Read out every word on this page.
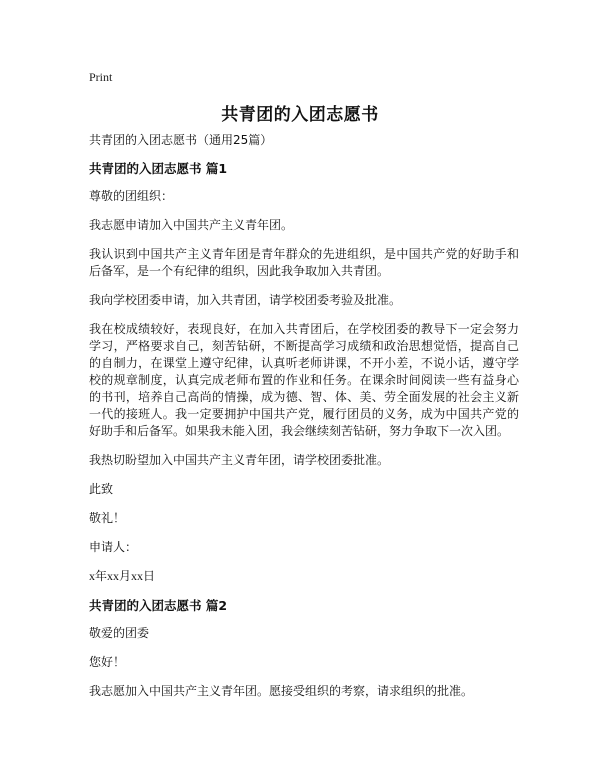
Print
共青团的入团志愿书

共青团的入团志愿书（通用25篇）

共青团的入团志愿书 篇1

尊敬的团组织：

我志愿申请加入中国共产主义青年团。

我认识到中国共产主义青年团是青年群众的先进组织，是中国共产党的好助手和后备军，是一个有纪律的组织，因此我争取加入共青团。

我向学校团委申请，加入共青团，请学校团委考验及批准。

我在校成绩较好，表现良好，在加入共青团后，在学校团委的教导下一定会努力学习，严格要求自己，刻苦钻研，不断提高学习成绩和政治思想觉悟，提高自己的自制力，在课堂上遵守纪律，认真听老师讲课，不开小差，不说小话，遵守学校的规章制度，认真完成老师布置的作业和任务。在课余时间阅读一些有益身心的书刊，培养自己高尚的情操，成为德、智、体、美、劳全面发展的社会主义新一代的接班人。我一定要拥护中国共产党，履行团员的义务，成为中国共产党的好助手和后备军。如果我未能入团，我会继续刻苦钻研，努力争取下一次入团。

我热切盼望加入中国共产主义青年团，请学校团委批准。

此致

敬礼！

申请人：

x年xx月xx日

共青团的入团志愿书 篇2

敬爱的团委

您好！

我志愿加入中国共产主义青年团。愿接受组织的考察，请求组织的批准。
